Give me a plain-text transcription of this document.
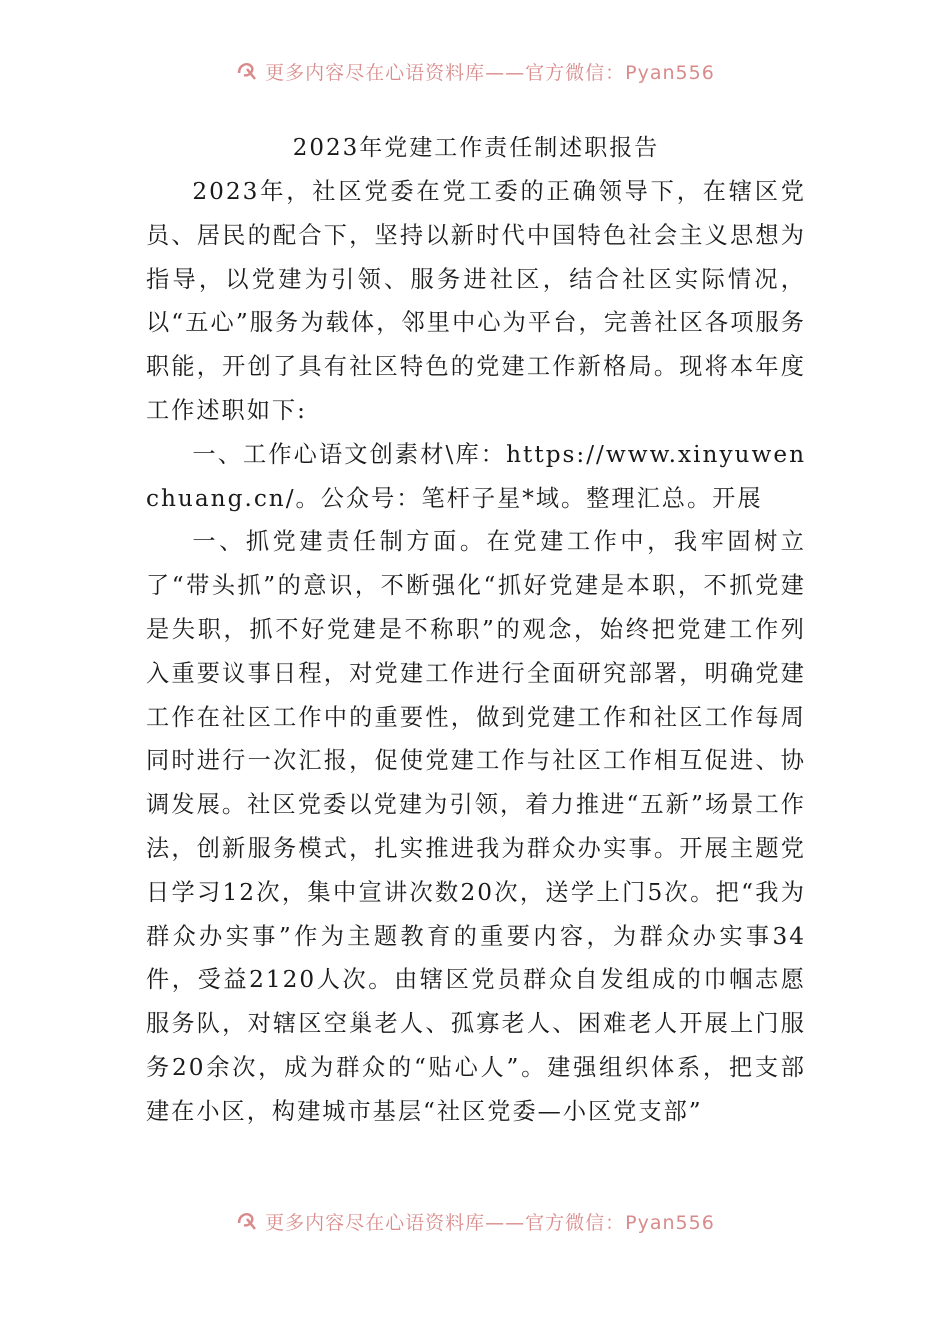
更多内容尽在心语资料库——官方微信：Pyan556

2023年党建工作责任制述职报告

2023年，社区党委在党工委的正确领导下，在辖区党员、居民的配合下，坚持以新时代中国特色社会主义思想为指导，以党建为引领、服务进社区，结合社区实际情况，以“五心”服务为载体，邻里中心为平台，完善社区各项服务职能，开创了具有社区特色的党建工作新格局。现将本年度工作述职如下:

一、工作心语文创素材\库：https://www.xinyuwenchuang.cn/。公众号：笔杆子星*域。整理汇总。开展

一、抓党建责任制方面。在党建工作中，我牢固树立了“带头抓”的意识，不断强化“抓好党建是本职，不抓党建是失职，抓不好党建是不称职”的观念，始终把党建工作列入重要议事日程，对党建工作进行全面研究部署，明确党建工作在社区工作中的重要性，做到党建工作和社区工作每周同时进行一次汇报，促使党建工作与社区工作相互促进、协调发展。社区党委以党建为引领，着力推进“五新”场景工作法，创新服务模式，扎实推进我为群众办实事。开展主题党日学习12次，集中宣讲次数20次，送学上门5次。把“我为群众办实事”作为主题教育的重要内容，为群众办实事34件，受益2120人次。由辖区党员群众自发组成的巾帼志愿服务队，对辖区空巢老人、孤寡老人、困难老人开展上门服务20余次，成为群众的“贴心人”。建强组织体系，把支部建在小区，构建城市基层“社区党委—小区党支部”

更多内容尽在心语资料库——官方微信：Pyan556
